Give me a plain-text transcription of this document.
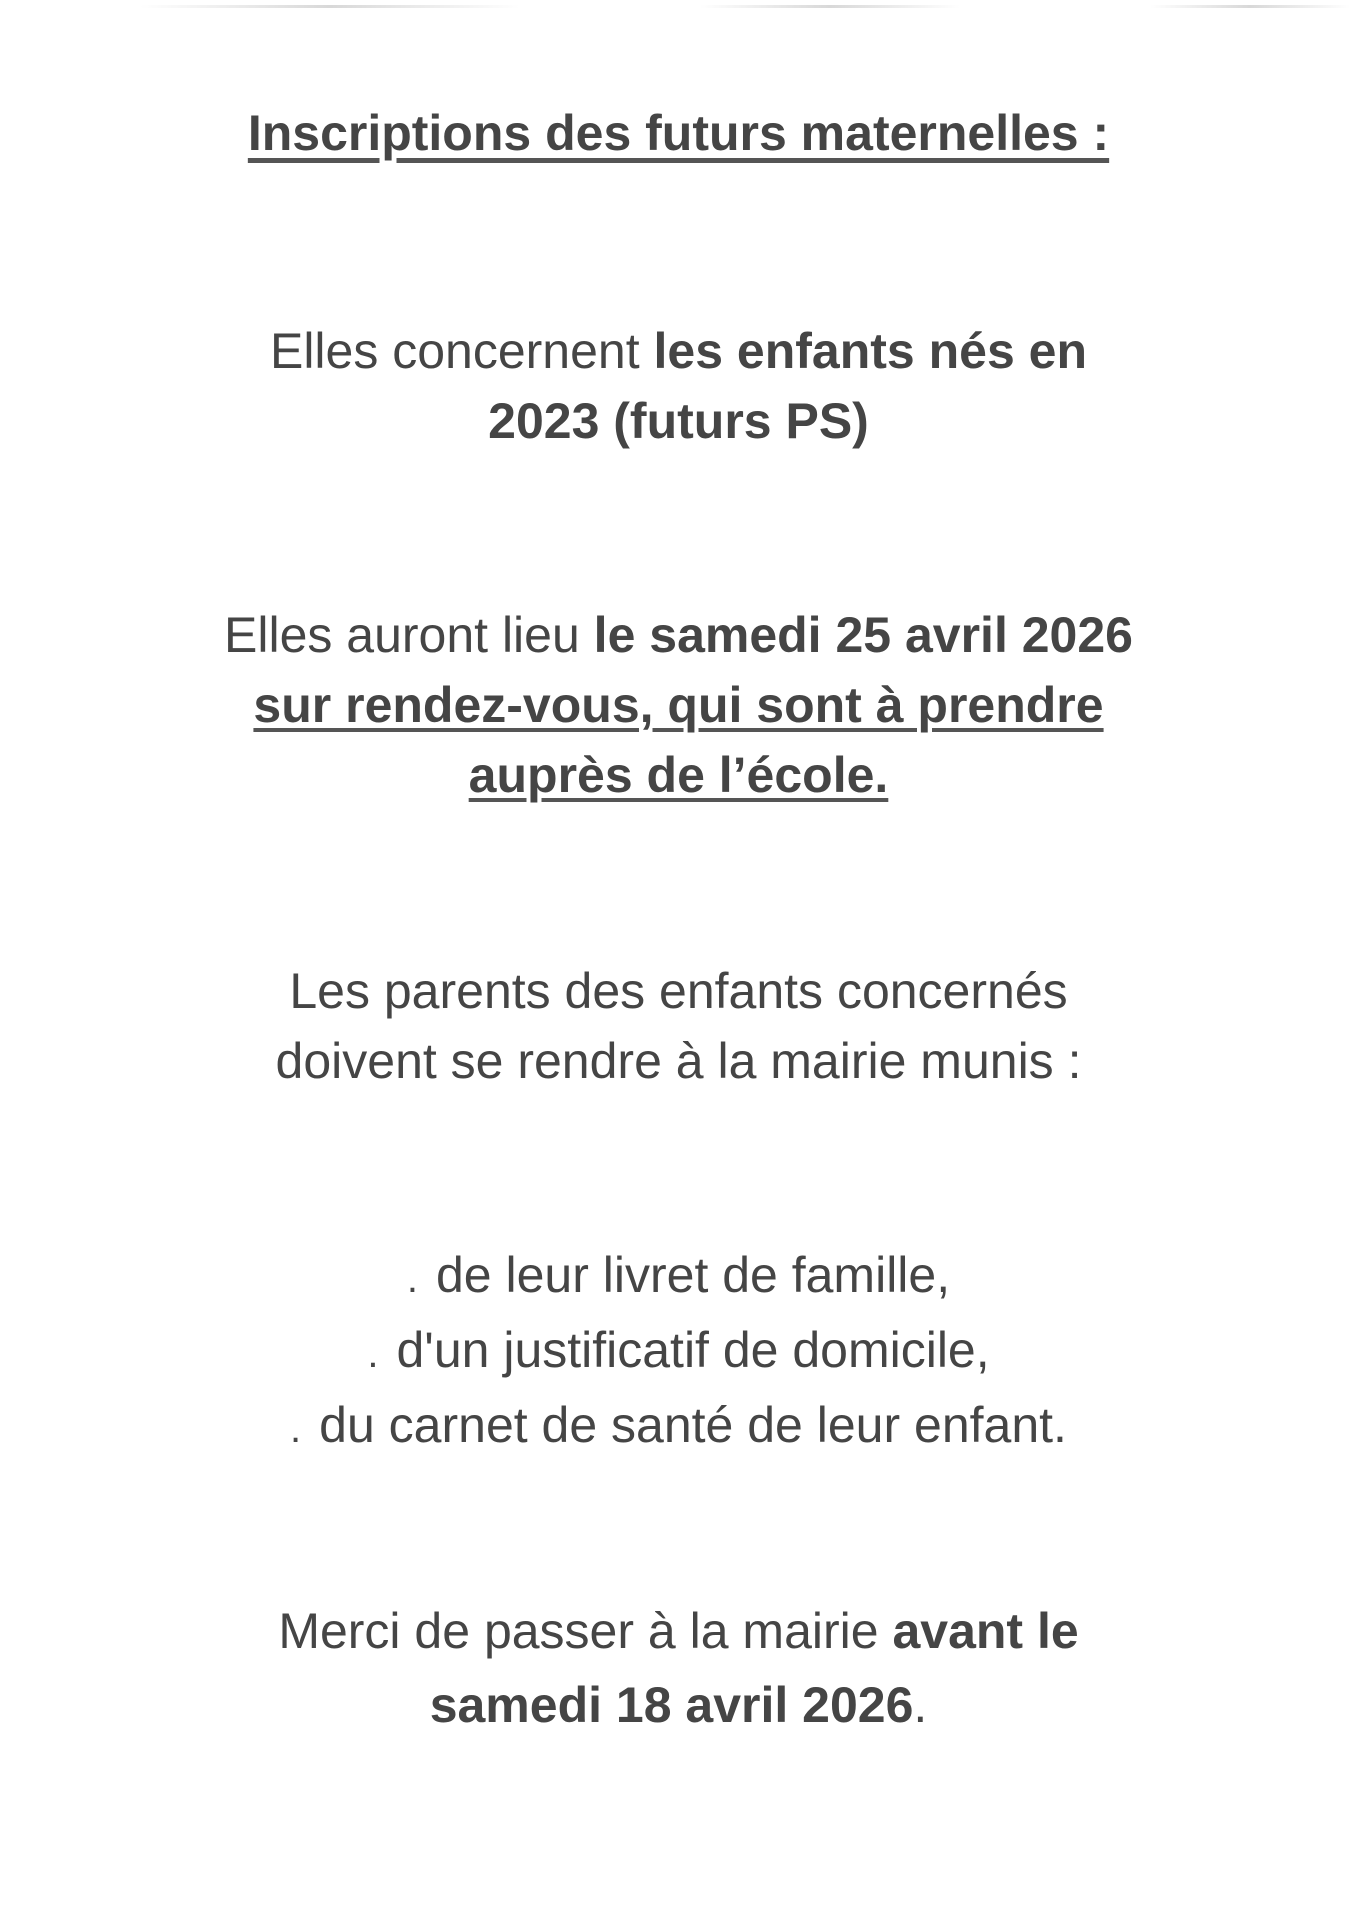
Inscriptions des futurs maternelles :
Elles concernent les enfants nés en
2023 (futurs PS)
Elles auront lieu le samedi 25 avril 2026
sur rendez-vous, qui sont à prendre
auprès de l’école.
Les parents des enfants concernés
doivent se rendre à la mairie munis :
. de leur livret de famille,
. d'un justificatif de domicile,
. du carnet de santé de leur enfant.
Merci de passer à la mairie avant le
samedi 18 avril 2026.
